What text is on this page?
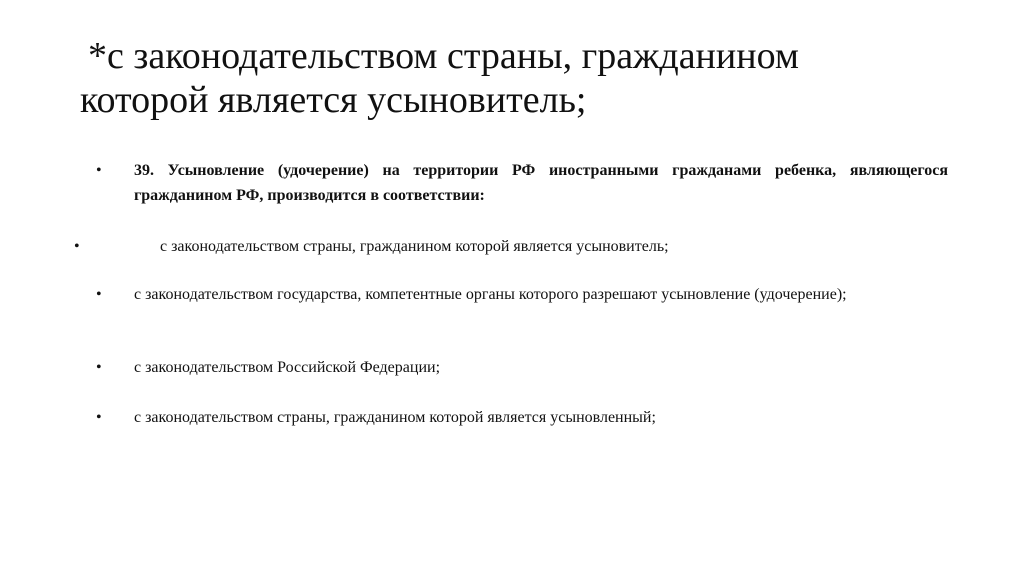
*с законодательством страны, гражданином
которой является усыновитель;
•	39. Усыновление (удочерение) на территории РФ иностранными гражданами ребенка, являющегося гражданином РФ, производится в соответствии:
•	с законодательством страны, гражданином которой является усыновитель;
•	с законодательством государства, компетентные органы которого разрешают усыновление (удочерение);
•	с законодательством Российской Федерации;
•	с законодательством страны, гражданином которой является усыновленный;
